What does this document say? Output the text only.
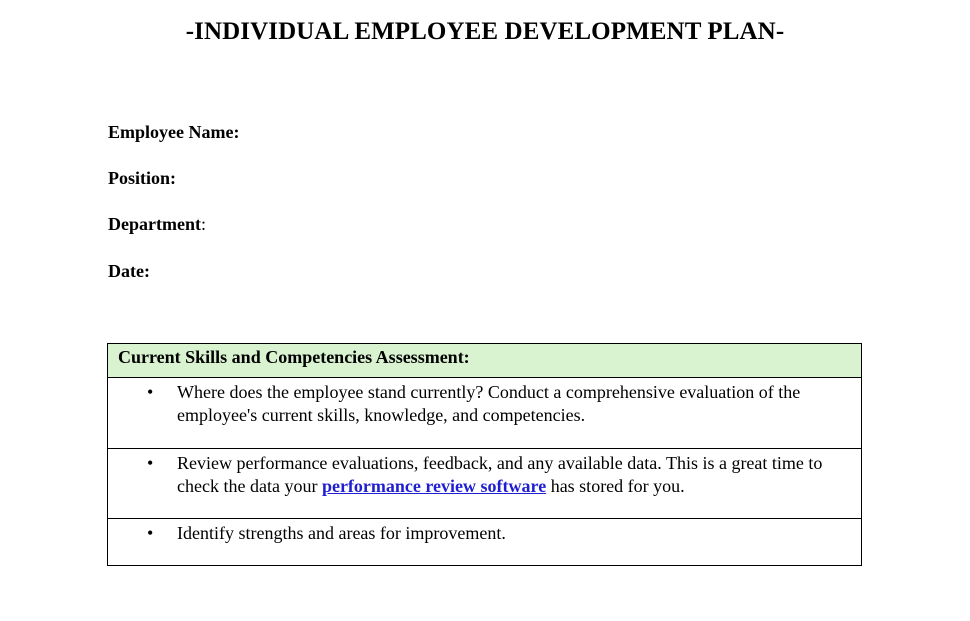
-INDIVIDUAL EMPLOYEE DEVELOPMENT PLAN-
Employee Name:
Position:
Department:
Date:
Current Skills and Competencies Assessment:

• Where does the employee stand currently? Conduct a comprehensive evaluation of the employee's current skills, knowledge, and competencies.

• Review performance evaluations, feedback, and any available data. This is a great time to check the data your performance review software has stored for you.

• Identify strengths and areas for improvement.
